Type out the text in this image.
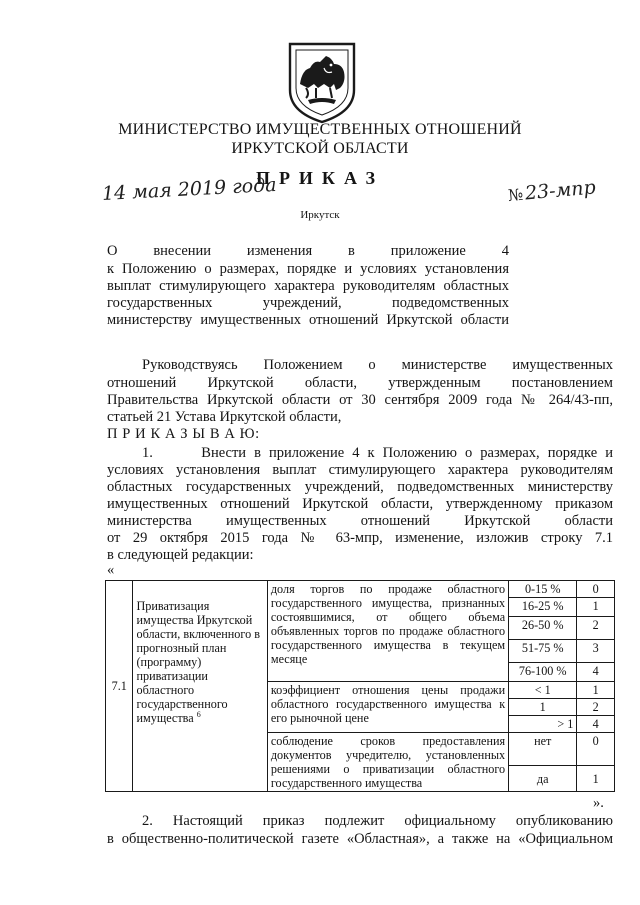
МИНИСТЕРСТВО ИМУЩЕСТВЕННЫХ ОТНОШЕНИЙ
ИРКУТСКОЙ ОБЛАСТИ
ПРИКАЗ
14 мая 2019 года	№23-мпр
Иркутск
О внесении изменения в приложение 4
к Положению о размерах, порядке и условиях установления
выплат стимулирующего характера руководителям областных
государственных	учреждений,	подведомственных
министерству имущественных отношений Иркутской области
Руководствуясь Положением о министерстве имущественных
отношений Иркутской области, утвержденным постановлением
Правительства Иркутской области от 30 сентября 2009 года № 264/43-пп,
статьей 21 Устава Иркутской области,
П Р И К А З Ы В А Ю:
1.      Внести в приложение 4 к Положению о размерах, порядке и
условиях установления выплат стимулирующего характера руководителям
областных государственных учреждений, подведомственных министерству
имущественных отношений Иркутской области, утвержденному приказом
министерства имущественных отношений Иркутской области
от 29 октября 2015 года № 63-мпр, изменение, изложив строку 7.1
в следующей редакции:
«
7.1	Приватизация имущества Иркутской области, включенного в прогнозный план (программу) приватизации областного государственного имущества $^6$	доля торгов по продаже областного государственного имущества, признанных состоявшимися, от общего объема объявленных торгов по продаже областного государственного имущества в текущем месяце	0-15 %	0
			16-25 %	1
			26-50 %	2
			51-75 %	3
			76-100 %	4
		коэффициент отношения цены продажи областного государственного имущества к его рыночной цене	< 1	1
			1	2
			> 1	4
		соблюдение сроков предоставления документов учредителю, установленных решениями о приватизации областного государственного имущества	нет	0
			да	1
».
2. Настоящий приказ подлежит официальному опубликованию
в общественно-политической газете «Областная», а также на «Официальном
